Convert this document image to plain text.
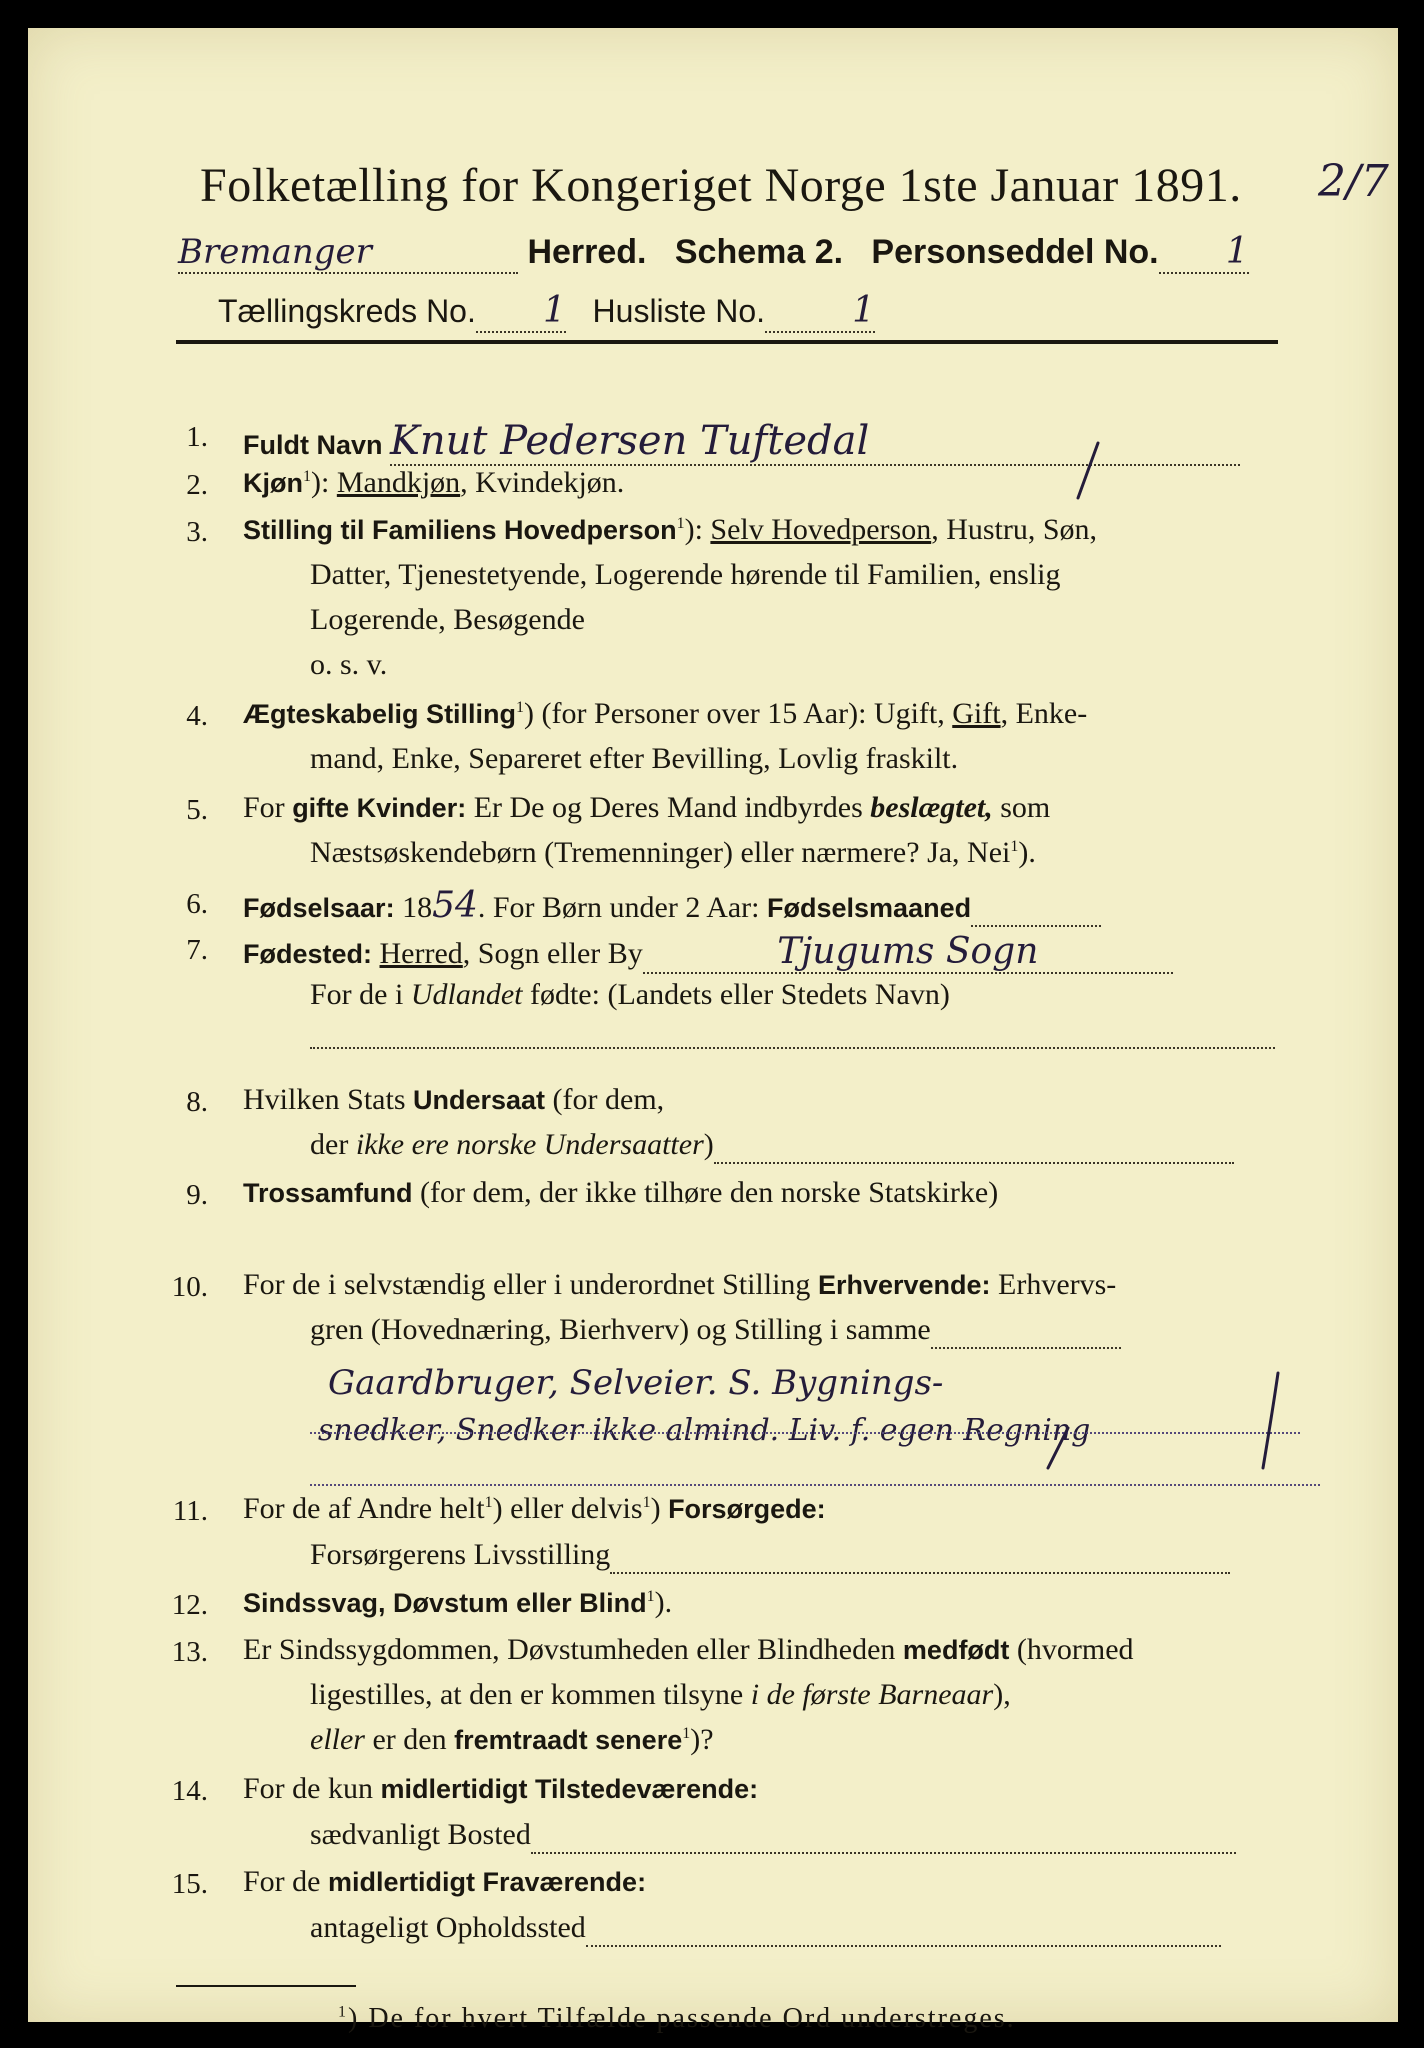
Folketælling for Kongeriget Norge 1ste Januar 1891. 2/7
Bremanger	Herred. Schema 2. Personseddel No. 1
Tællingskreds No. 1 Husliste No. 1
1. Fuldt Navn Knut Pedersen Tuftedal
2. Kjøn$^1$): Mandkjøn, Kvindekjøn.
3. Stilling til Familiens Hovedperson$^1$): Selv Hovedperson, Hustru, Søn,
Datter, Tjenestetyende, Logerende hørende til Familien, enslig
Logerende, Besøgende
o. s. v.
4. Ægteskabelig Stilling$^1$) (for Personer over 15 Aar): Ugift, Gift, Enke-
mand, Enke, Separeret efter Bevilling, Lovlig fraskilt.
5. For gifte Kvinder: Er De og Deres Mand indbyrdes beslægtet, som
Næstsøskendebørn (Tremenninger) eller nærmere? Ja, Nei$^1$).
6. Fødselsaar: 1854. For Børn under 2 Aar: Fødselsmaaned
7. Fødested: Herred, Sogn eller By	Tjugums Sogn
For de i Udlandet fødte: (Landets eller Stedets Navn)

8. Hvilken Stats Undersaat (for dem,
der ikke ere norske Undersaatter)
9. Trossamfund (for dem, der ikke tilhøre den norske Statskirke)
10. For de i selvstændig eller i underordnet Stilling Erhvervende: Erhvervs-
gren (Hovednæring, Bierhverv) og Stilling i samme
Gaardbruger, Selveier. S. Bygnings-
snedker, Snedker ikke almind. Liv. f. egen Regning

11. For de af Andre helt$^1$) eller delvis$^1$) Forsørgede:
Forsørgerens Livsstilling
12. Sindssvag, Døvstum eller Blind$^1$).
13. Er Sindssygdommen, Døvstumheden eller Blindheden medfødt (hvormed
ligestilles, at den er kommen tilsyne i de første Barneaar),
eller er den fremtraadt senere$^1$)?
14. For de kun midlertidigt Tilstedeværende:
sædvanligt Bosted
15. For de midlertidigt Fraværende:
antageligt Opholdssted
$^1$) De for hvert Tilfælde passende Ord understreges.
